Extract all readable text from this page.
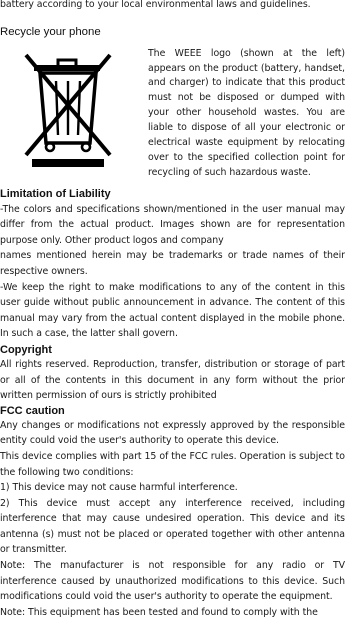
battery according to your local environmental laws and guidelines.

Recycle your phone

The WEEE logo (shown at the left) appears on the product (battery, handset, and charger) to indicate that this product must not be disposed or dumped with your other household wastes. You are liable to dispose of all your electronic or electrical waste equipment by relocating over to the specified collection point for recycling of such hazardous waste.

Limitation of Liability

-The colors and specifications shown/mentioned in the user manual may differ from the actual product. Images shown are for representation purpose only. Other product logos and company

names mentioned herein may be trademarks or trade names of their respective owners.

-We keep the right to make modifications to any of the content in this user guide without public announcement in advance. The content of this manual may vary from the actual content displayed in the mobile phone. In such a case, the latter shall govern.

Copyright

All rights reserved. Reproduction, transfer, distribution or storage of part or all of the contents in this document in any form without the prior written permission of ours is strictly prohibited

FCC caution

Any changes or modifications not expressly approved by the responsible entity could void the user's authority to operate this device.

This device complies with part 15 of the FCC rules. Operation is subject to the following two conditions:

1) This device may not cause harmful interference.

2) This device must accept any interference received, including interference that may cause undesired operation. This device and its antenna (s) must not be placed or operated together with other antenna or transmitter.

Note: The manufacturer is not responsible for any radio or TV interference caused by unauthorized modifications to this device. Such modifications could void the user's authority to operate the equipment.

Note: This equipment has been tested and found to comply with the
